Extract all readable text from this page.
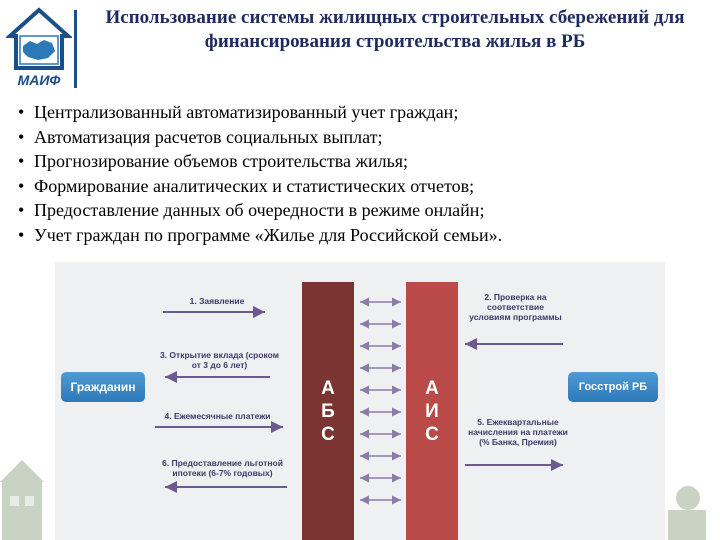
МАИФ
Использование системы жилищных строительных сбережений для финансирования строительства жилья в РБ
• Централизованный автоматизированный учет граждан;
• Автоматизация расчетов социальных выплат;
• Прогнозирование объемов строительства жилья;
• Формирование аналитических и статистических отчетов;
• Предоставление данных об очередности в режиме онлайн;
• Учет граждан по программе «Жилье для Российской семьи».
А
Б
С
А
И
С
Гражданин	Госстрой РБ
1. Заявление
3. Открытие вклада (сроком от 3 до 6 лет)
4. Ежемесячные платежи
6. Предоставление льготной ипотеки (6-7% годовых)
2. Проверка на соответствие условиям программы
5. Ежеквартальные начисления на платежи (% Банка, Премия)
